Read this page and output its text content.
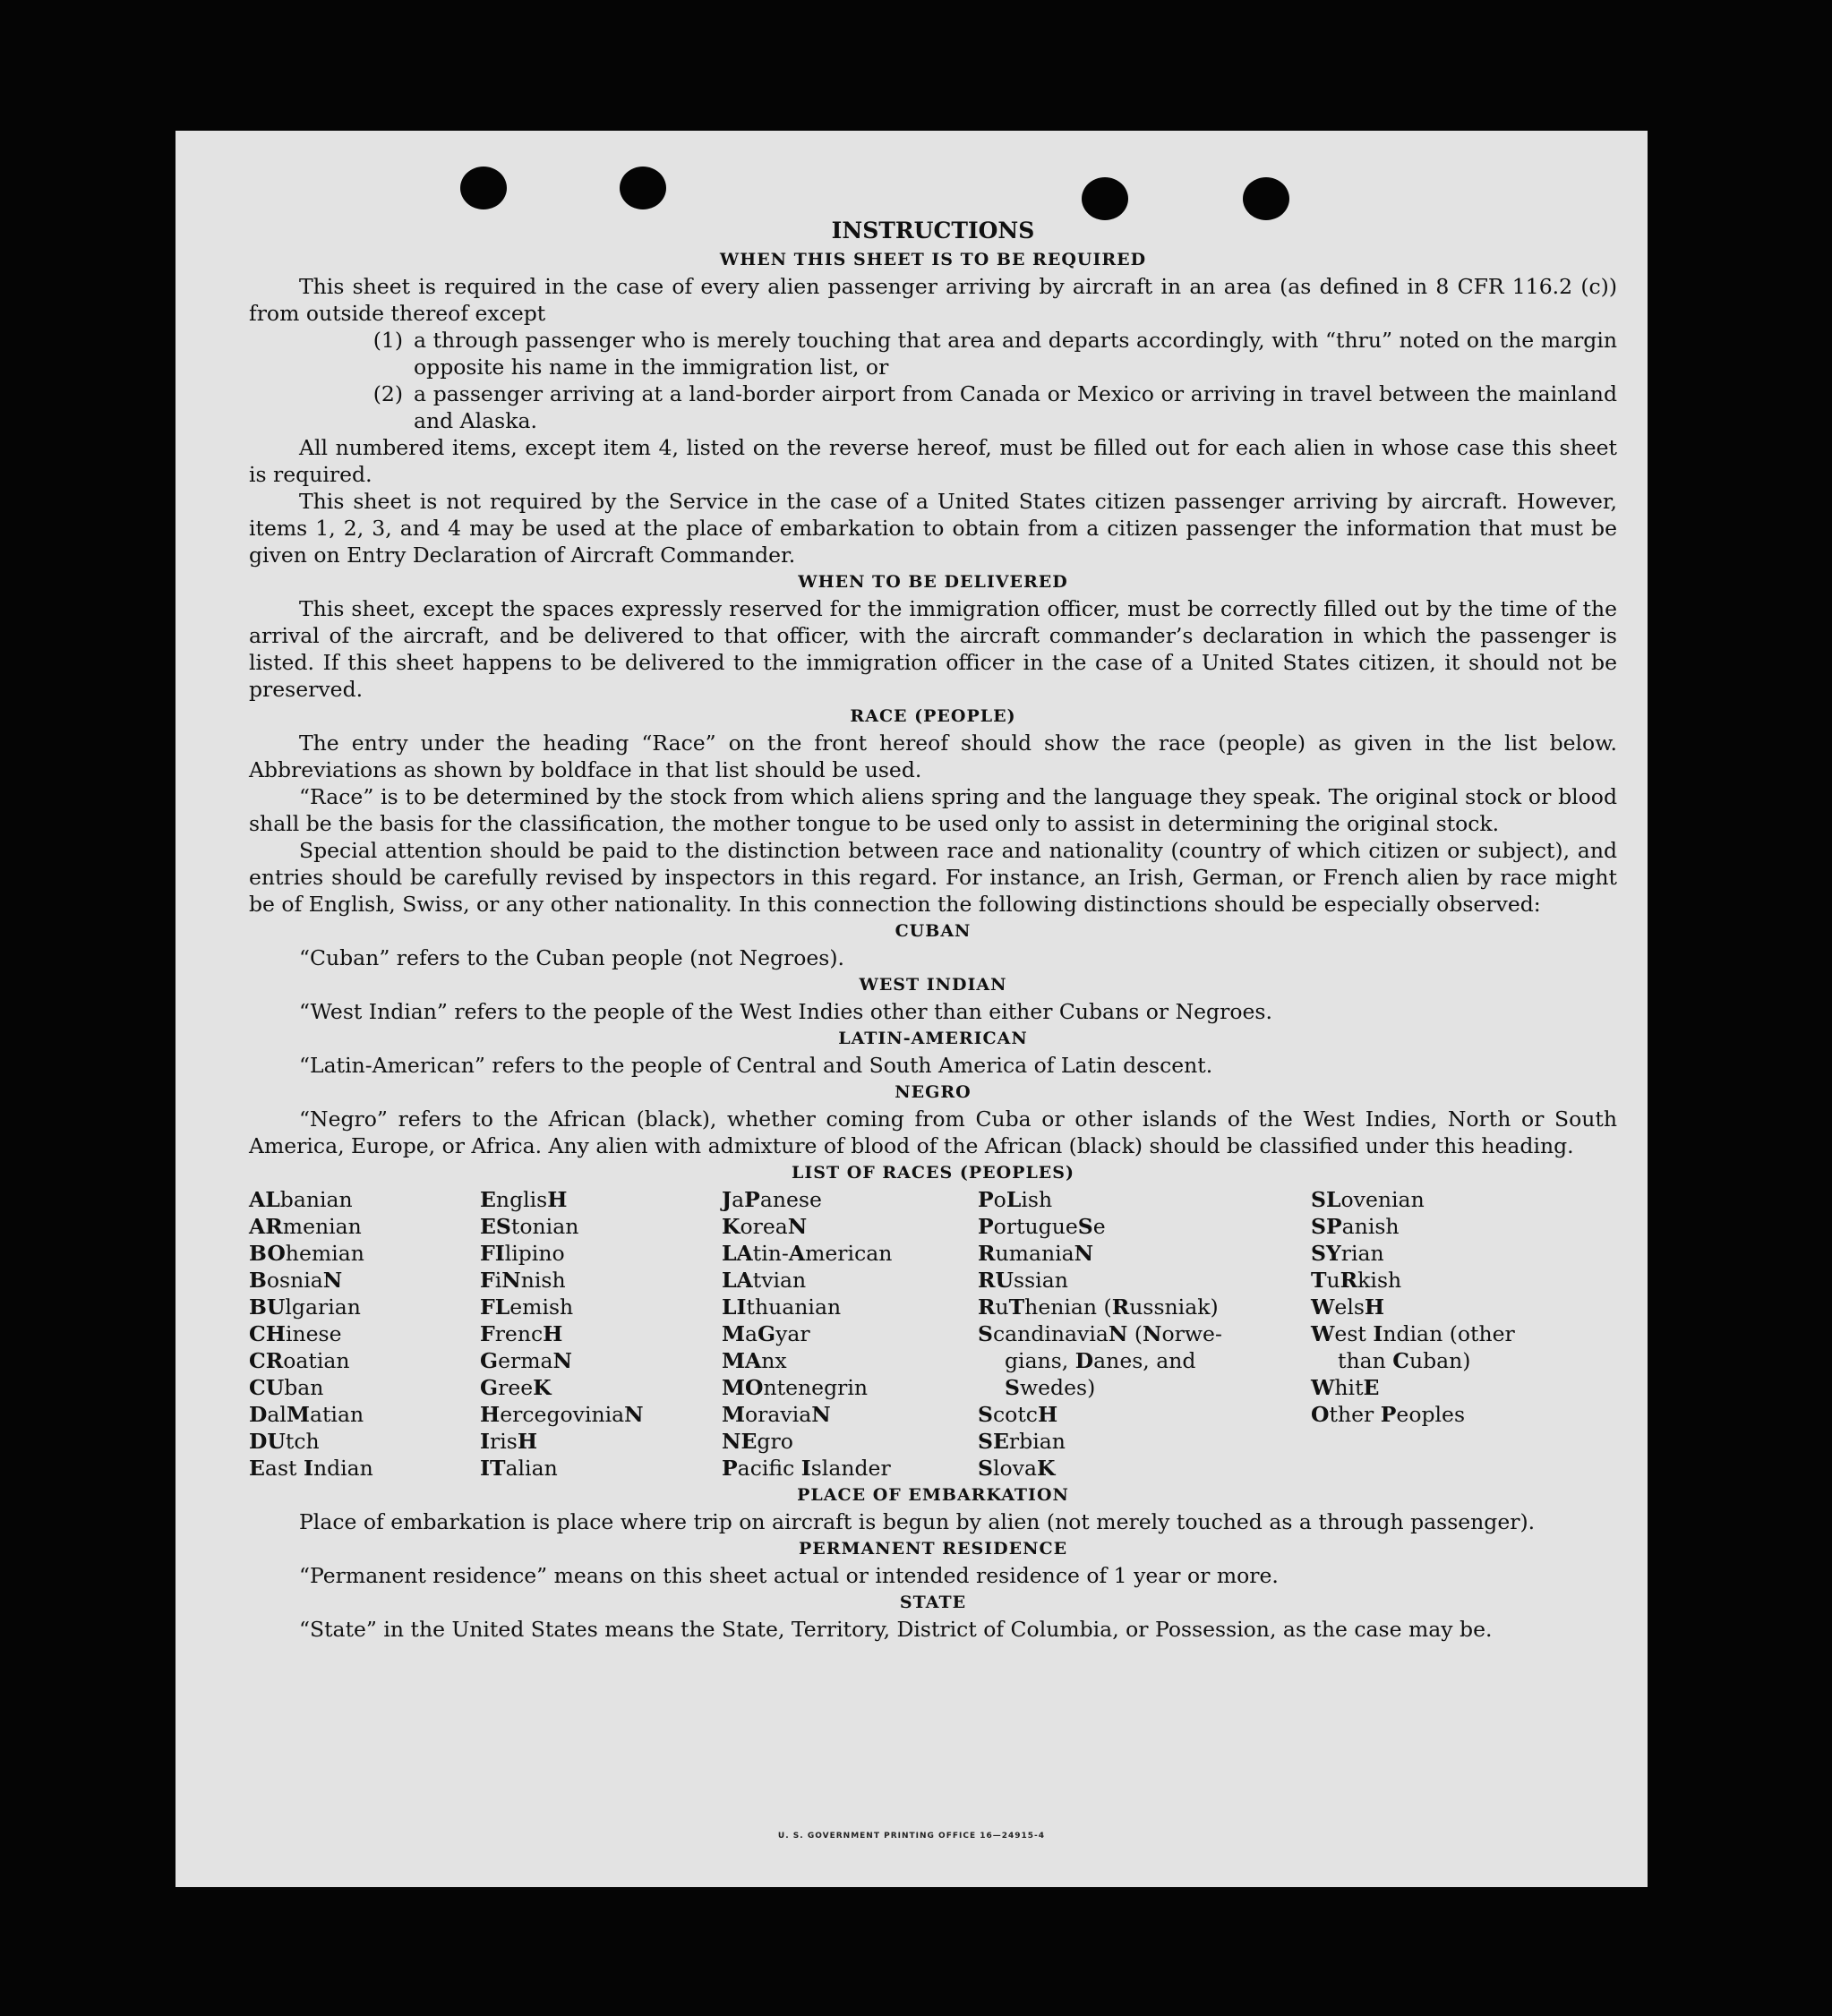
INSTRUCTIONS
WHEN THIS SHEET IS TO BE REQUIRED

This sheet is required in the case of every alien passenger arriving by aircraft in an area (as defined in 8 CFR 116.2 (c)) from outside thereof except

(1) a through passenger who is merely touching that area and departs accordingly, with “thru” noted on the margin opposite his name in the immigration list, or
(2) a passenger arriving at a land-border airport from Canada or Mexico or arriving in travel between the mainland and Alaska.

All numbered items, except item 4, listed on the reverse hereof, must be filled out for each alien in whose case this sheet is required.

This sheet is not required by the Service in the case of a United States citizen passenger arriving by aircraft. However, items 1, 2, 3, and 4 may be used at the place of embarkation to obtain from a citizen passenger the information that must be given on Entry Declaration of Aircraft Commander.

WHEN TO BE DELIVERED

This sheet, except the spaces expressly reserved for the immigration officer, must be correctly filled out by the time of the arrival of the aircraft, and be delivered to that officer, with the aircraft commander’s declaration in which the passenger is listed. If this sheet happens to be delivered to the immigration officer in the case of a United States citizen, it should not be preserved.

RACE (PEOPLE)

The entry under the heading “Race” on the front hereof should show the race (people) as given in the list below. Abbreviations as shown by boldface in that list should be used.

“Race” is to be determined by the stock from which aliens spring and the language they speak. The original stock or blood shall be the basis for the classification, the mother tongue to be used only to assist in determining the original stock.

Special attention should be paid to the distinction between race and nationality (country of which citizen or subject), and entries should be carefully revised by inspectors in this regard. For instance, an Irish, German, or French alien by race might be of English, Swiss, or any other nationality. In this connection the following distinctions should be especially observed:

CUBAN

“Cuban” refers to the Cuban people (not Negroes).

WEST INDIAN

“West Indian” refers to the people of the West Indies other than either Cubans or Negroes.

LATIN-AMERICAN

“Latin-American” refers to the people of Central and South America of Latin descent.

NEGRO

“Negro” refers to the African (black), whether coming from Cuba or other islands of the West Indies, North or South America, Europe, or Africa. Any alien with admixture of blood of the African (black) should be classified under this heading.

LIST OF RACES (PEOPLES)
ALbanian
ARmenian
BOhemian
BosniaN
BUlgarian
CHinese
CRoatian
CUban
DalMatian
DUtch
East Indian
EnglisH
EStonian
FIlipino
FiNnish
FLemish
FrencH
GermaN
GreeK
HercegoviniaN
IrisH
ITalian
JaPanese
KoreaN
LAtin-American
LAtvian
LIthuanian
MaGyar
MAnx
MOntenegrin
MoraviaN
NEgro
Pacifc Islander
PoLish
PortugueSe
RumaniaN
RUssian
RuThenian (Russniak)
ScandinaviaN (Norwe-
gians, Danes, and
Swedes)
ScotcH
SErbian
SlovaK
SLovenian
SPanish
SYrian
TuRkish
WelsH
West Indian (other
than Cuban)
WhitE
Other Peoples
PLACE OF EMBARKATION

Place of embarkation is place where trip on aircraft is begun by alien (not merely touched as a through passenger).

PERMANENT RESIDENCE

“Permanent residence” means on this sheet actual or intended residence of 1 year or more.

STATE

“State” in the United States means the State, Territory, District of Columbia, or Possession, as the case may be.

U. S. GOVERNMENT PRINTING OFFICE 16—24915-4
